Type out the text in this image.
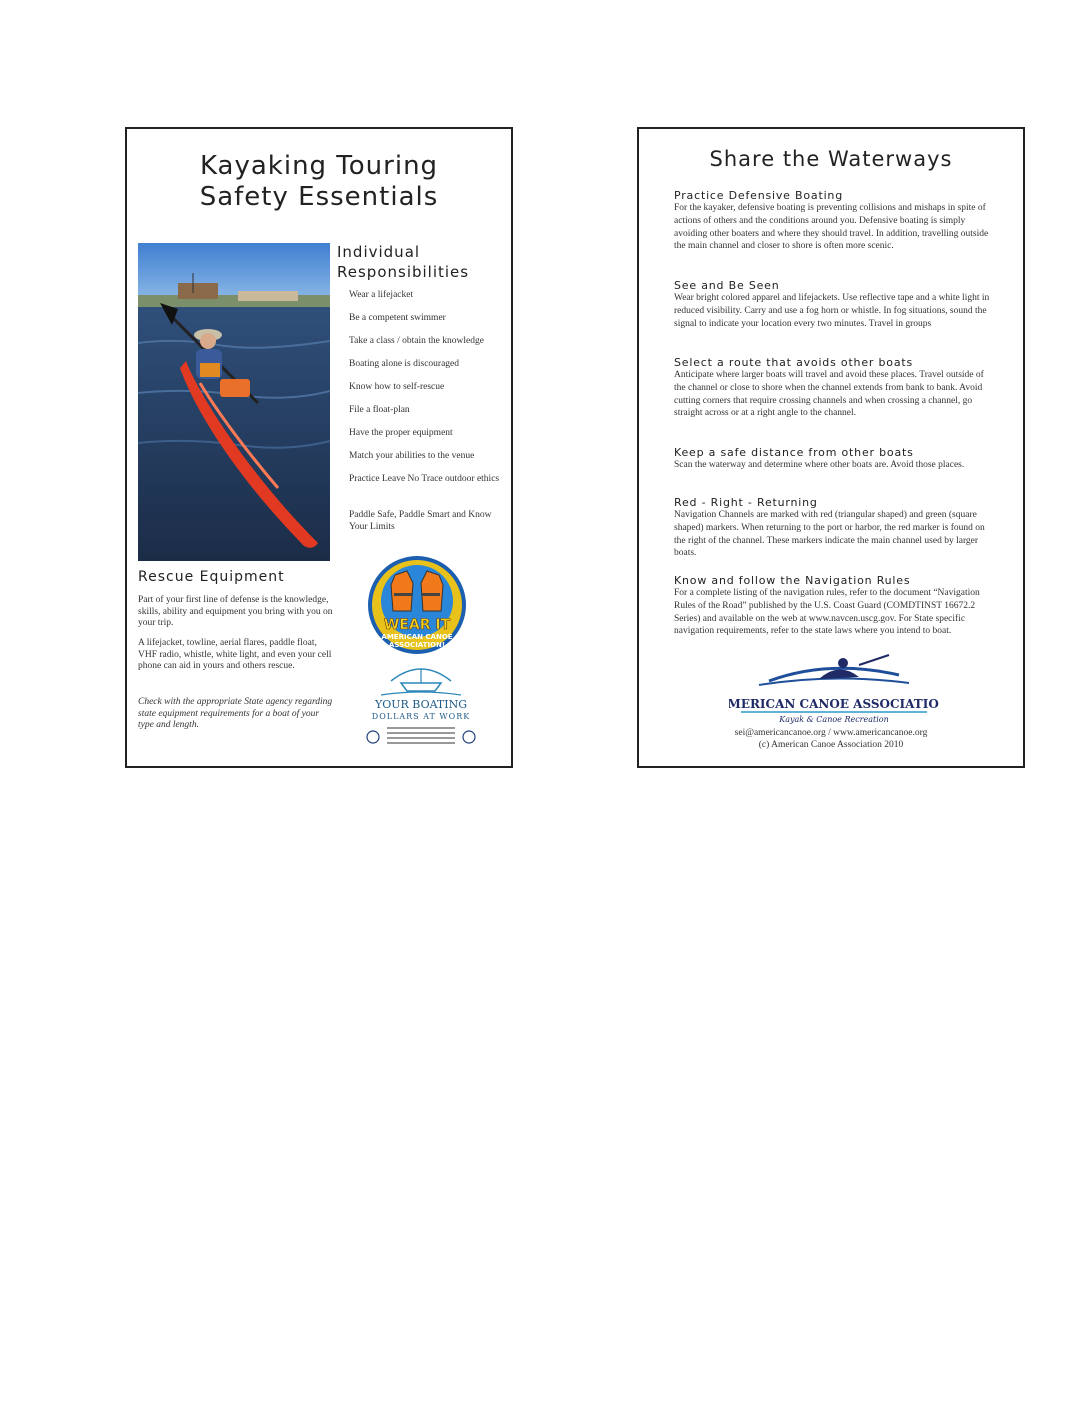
Kayaking Touring
Safety Essentials
Individual
Responsibilities
Wear a lifejacket
Be a competent swimmer
Take a class / obtain the knowledge
Boating alone is discouraged
Know how to self-rescue
File a float-plan
Have the proper equipment
Match your abilities to the venue
Practice Leave No Trace outdoor ethics
Paddle Safe, Paddle Smart and Know Your Limits
Rescue Equipment

Part of your first line of defense is the knowledge, skills, ability and equipment you bring with you on your trip.

A lifejacket, towline, aerial flares, paddle float, VHF radio, whistle, white light, and even your cell phone can aid in yours and others rescue.

Check with the appropriate State agency regarding state equipment requirements for a boat of your type and length.

WEAR IT
AMERICAN CANOE
ASSOCIATION!
YOUR BOATING
DOLLARS AT WORK
Share the Waterways
Practice Defensive Boating

For the kayaker, defensive boating is preventing collisions and mishaps in spite of actions of others and the conditions around you. Defensive boating is simply avoiding other boaters and where they should travel. In addition, travelling outside the main channel and closer to shore is often more scenic.

See and Be Seen

Wear bright colored apparel and lifejackets. Use reflective tape and a white light in reduced visibility. Carry and use a fog horn or whistle. In fog situations, sound the signal to indicate your location every two minutes. Travel in groups

Select a route that avoids other boats

Anticipate where larger boats will travel and avoid these places. Travel outside of the channel or close to shore when the channel extends from bank to bank. Avoid cutting corners that require crossing channels and when crossing a channel, go straight across or at a right angle to the channel.

Keep a safe distance from other boats

Scan the waterway and determine where other boats are. Avoid those places.

Red - Right - Returning

Navigation Channels are marked with red (triangular shaped) and green (square shaped) markers. When returning to the port or harbor, the red marker is found on the right of the channel. These markers indicate the main channel used by larger boats.

Know and follow the Navigation Rules

For a complete listing of the navigation rules, refer to the document “Navigation Rules of the Road” published by the U.S. Coast Guard (COMDTINST 16672.2 Series) and available on the web at www.navcen.uscg.gov. For State specific navigation requirements, refer to the state laws where you intend to boat.

AMERICAN CANOE ASSOCIATION
Kayak & Canoe Recreation
sei@americancanoe.org / www.americancanoe.org
(c) American Canoe Association 2010
